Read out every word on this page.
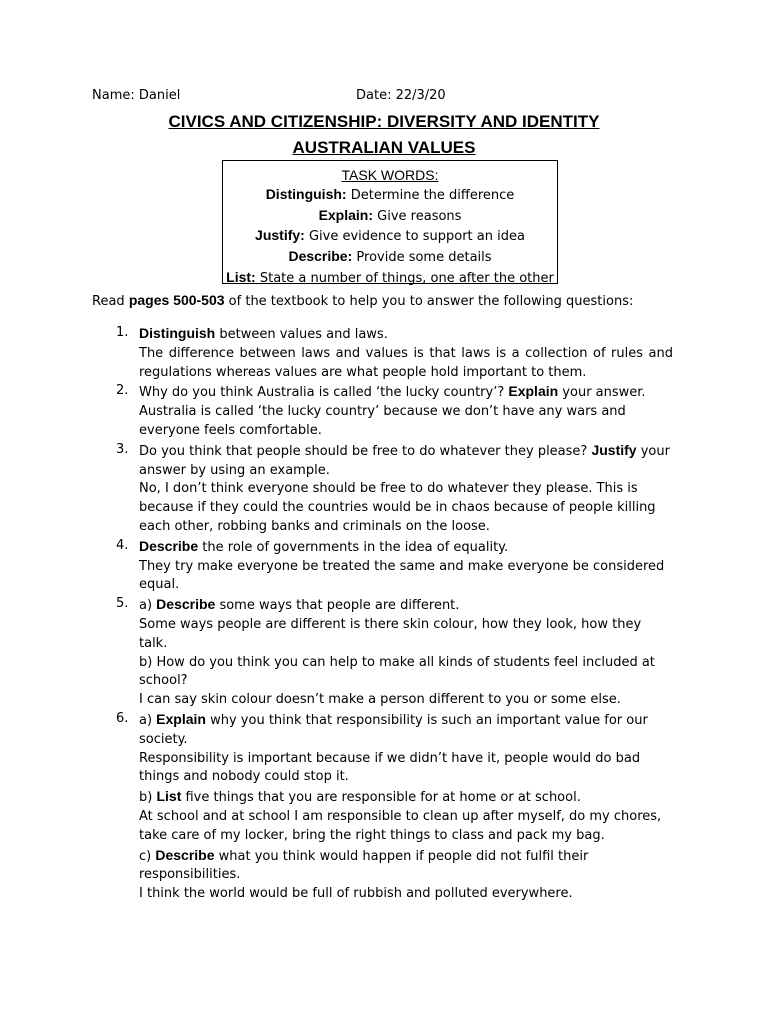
Name: Daniel	Date: 22/3/20
CIVICS AND CITIZENSHIP: DIVERSITY AND IDENTITY
AUSTRALIAN VALUES
TASK WORDS:
Distinguish: Determine the difference
Explain: Give reasons
Justify: Give evidence to support an idea
Describe: Provide some details
List: State a number of things, one after the other
Read pages 500-503 of the textbook to help you to answer the following questions:
1. Distinguish between values and laws.
The difference between laws and values is that laws is a collection of rules and regulations whereas values are what people hold important to them.
2. Why do you think Australia is called ‘the lucky country’? Explain your answer.
Australia is called ‘the lucky country’ because we don’t have any wars and everyone feels comfortable.
3. Do you think that people should be free to do whatever they please? Justify your answer by using an example.
No, I don’t think everyone should be free to do whatever they please. This is because if they could the countries would be in chaos because of people killing each other, robbing banks and criminals on the loose.
4. Describe the role of governments in the idea of equality.
They try make everyone be treated the same and make everyone be considered equal.
5. a) Describe some ways that people are different.
Some ways people are different is there skin colour, how they look, how they talk.
b) How do you think you can help to make all kinds of students feel included at school?
I can say skin colour doesn’t make a person different to you or some else.
6. a) Explain why you think that responsibility is such an important value for our society.
Responsibility is important because if we didn’t have it, people would do bad things and nobody could stop it.
b) List five things that you are responsible for at home or at school.
At school and at school I am responsible to clean up after myself, do my chores, take care of my locker, bring the right things to class and pack my bag.
c) Describe what you think would happen if people did not fulfil their responsibilities.
I think the world would be full of rubbish and polluted everywhere.
